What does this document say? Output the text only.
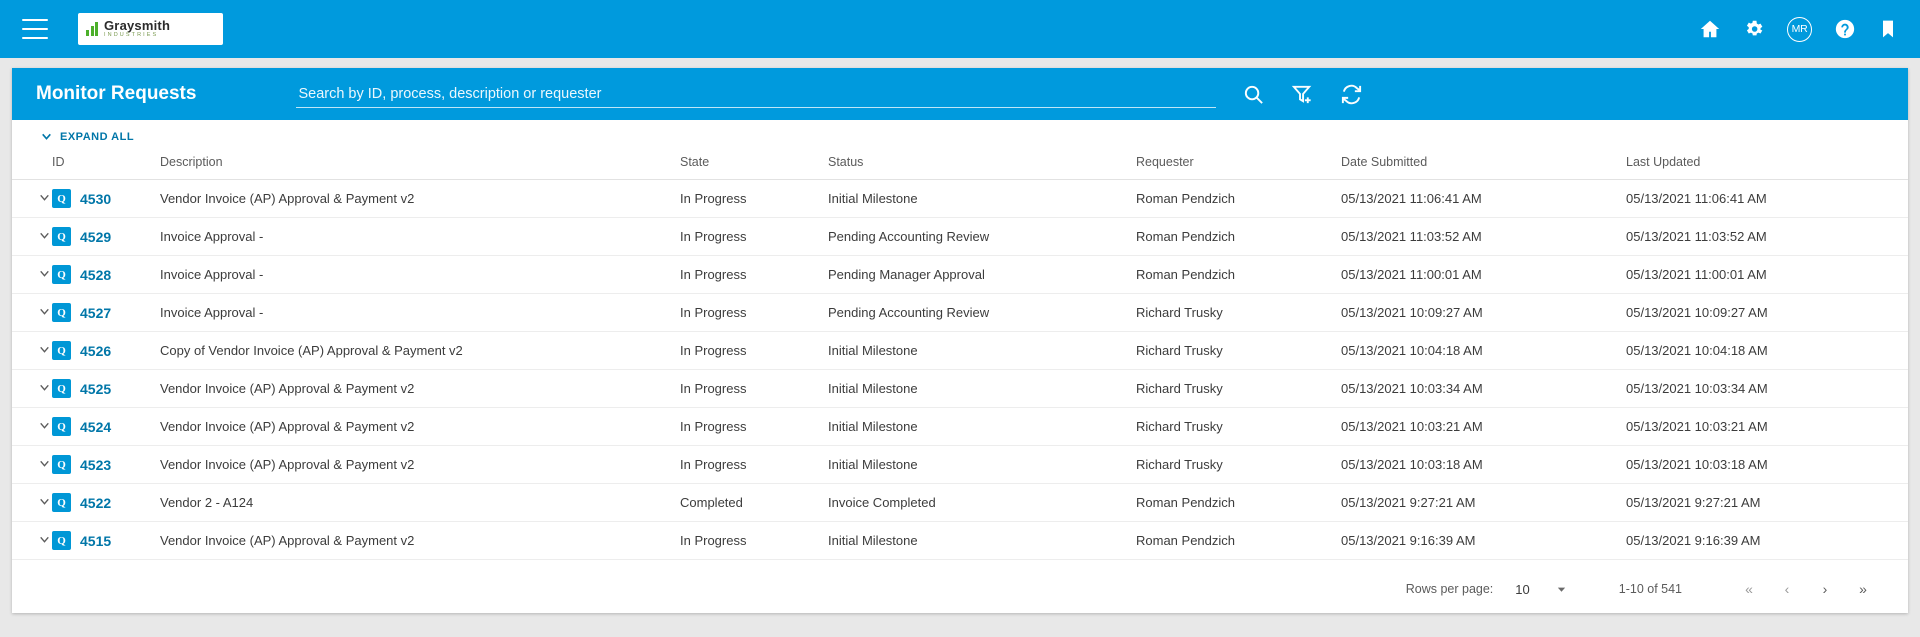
Graysmith
INDUSTRIES
MR
Monitor Requests
Search by ID, process, description or requester
EXPAND ALL
	ID	Description	State	Status	Requester	Date Submitted	Last Updated

Q 4530	Vendor Invoice (AP) Approval & Payment v2	In Progress	Initial Milestone	Roman Pendzich	05/13/2021 11:06:41 AM	05/13/2021 11:06:41 AM

Q 4529	Invoice Approval -	In Progress	Pending Accounting Review	Roman Pendzich	05/13/2021 11:03:52 AM	05/13/2021 11:03:52 AM

Q 4528	Invoice Approval -	In Progress	Pending Manager Approval	Roman Pendzich	05/13/2021 11:00:01 AM	05/13/2021 11:00:01 AM

Q 4527	Invoice Approval -	In Progress	Pending Accounting Review	Richard Trusky	05/13/2021 10:09:27 AM	05/13/2021 10:09:27 AM

Q 4526	Copy of Vendor Invoice (AP) Approval & Payment v2	In Progress	Initial Milestone	Richard Trusky	05/13/2021 10:04:18 AM	05/13/2021 10:04:18 AM

Q 4525	Vendor Invoice (AP) Approval & Payment v2	In Progress	Initial Milestone	Richard Trusky	05/13/2021 10:03:34 AM	05/13/2021 10:03:34 AM

Q 4524	Vendor Invoice (AP) Approval & Payment v2	In Progress	Initial Milestone	Richard Trusky	05/13/2021 10:03:21 AM	05/13/2021 10:03:21 AM

Q 4523	Vendor Invoice (AP) Approval & Payment v2	In Progress	Initial Milestone	Richard Trusky	05/13/2021 10:03:18 AM	05/13/2021 10:03:18 AM

Q 4522	Vendor 2 - A124	Completed	Invoice Completed	Roman Pendzich	05/13/2021 9:27:21 AM	05/13/2021 9:27:21 AM

Q 4515	Vendor Invoice (AP) Approval & Payment v2	In Progress	Initial Milestone	Roman Pendzich	05/13/2021 9:16:39 AM	05/13/2021 9:16:39 AM
Rows per page: 10	1-10 of 541	«	‹	›	»
